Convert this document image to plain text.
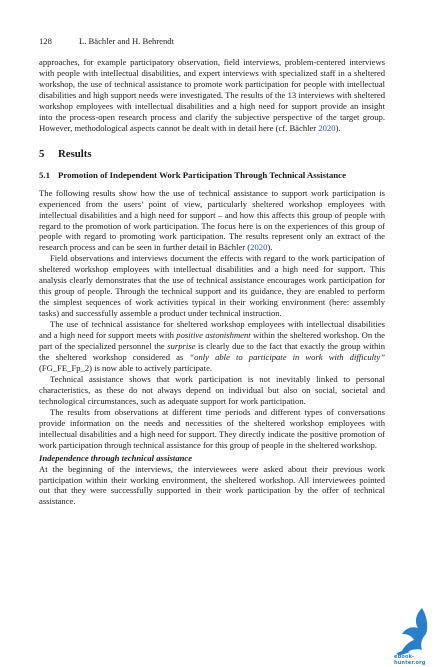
128	L. Bächler and H. Behrendt

approaches, for example participatory observation, field interviews, problem-centered interviews with people with intellectual disabilities, and expert interviews with specialized staff in a sheltered workshop, the use of technical assistance to promote work participation for people with intellectual disabilities and high support needs were investigated. The results of the 13 interviews with sheltered workshop employees with intellectual disabilities and a high need for support provide an insight into the process-open research process and clarify the subjective perspective of the target group. However, methodological aspects cannot be dealt with in detail here (cf. Bächler 2020).

5 Results
5.1 Promotion of Independent Work Participation Through Technical Assistance

The following results show how the use of technical assistance to support work participation is experienced from the users’ point of view, particularly sheltered workshop employees with intellectual disabilities and a high need for support – and how this affects this group of people with regard to the promotion of work participation. The focus here is on the experiences of this group of people with regard to promoting work participation. The results represent only an extract of the research process and can be seen in further detail in Bächler (2020).

Field observations and interviews document the effects with regard to the work participation of sheltered workshop employees with intellectual disabilities and a high need for support. This analysis clearly demonstrates that the use of technical assistance encourages work participation for this group of people. Through the technical support and its guidance, they are enabled to perform the simplest sequences of work activities typical in their working environment (here: assembly tasks) and successfully assemble a product under technical instruction.

The use of technical assistance for sheltered workshop employees with intellectual disabilities and a high need for support meets with positive astonishment within the sheltered workshop. On the part of the specialized personnel the surprise is clearly due to the fact that exactly the group within the sheltered workshop considered as “only able to participate in work with difficulty” (FG_FE_Fp_2) is now able to actively participate.

Technical assistance shows that work participation is not inevitably linked to personal characteristics, as these do not always depend on individual but also on social, societal and technological circumstances, such as adequate support for work participation.

The results from observations at different time periods and different types of conversations provide information on the needs and necessities of the sheltered workshop employees with intellectual disabilities and a high need for support. They directly indicate the positive promotion of work participation through technical assistance for this group of people in the sheltered workshop.

Independence through technical assistance

At the beginning of the interviews, the interviewees were asked about their previous work participation within their working environment, the sheltered workshop. All interviewees pointed out that they were successfully supported in their work participation by the offer of technical assistance.

ebook-hunter.org
